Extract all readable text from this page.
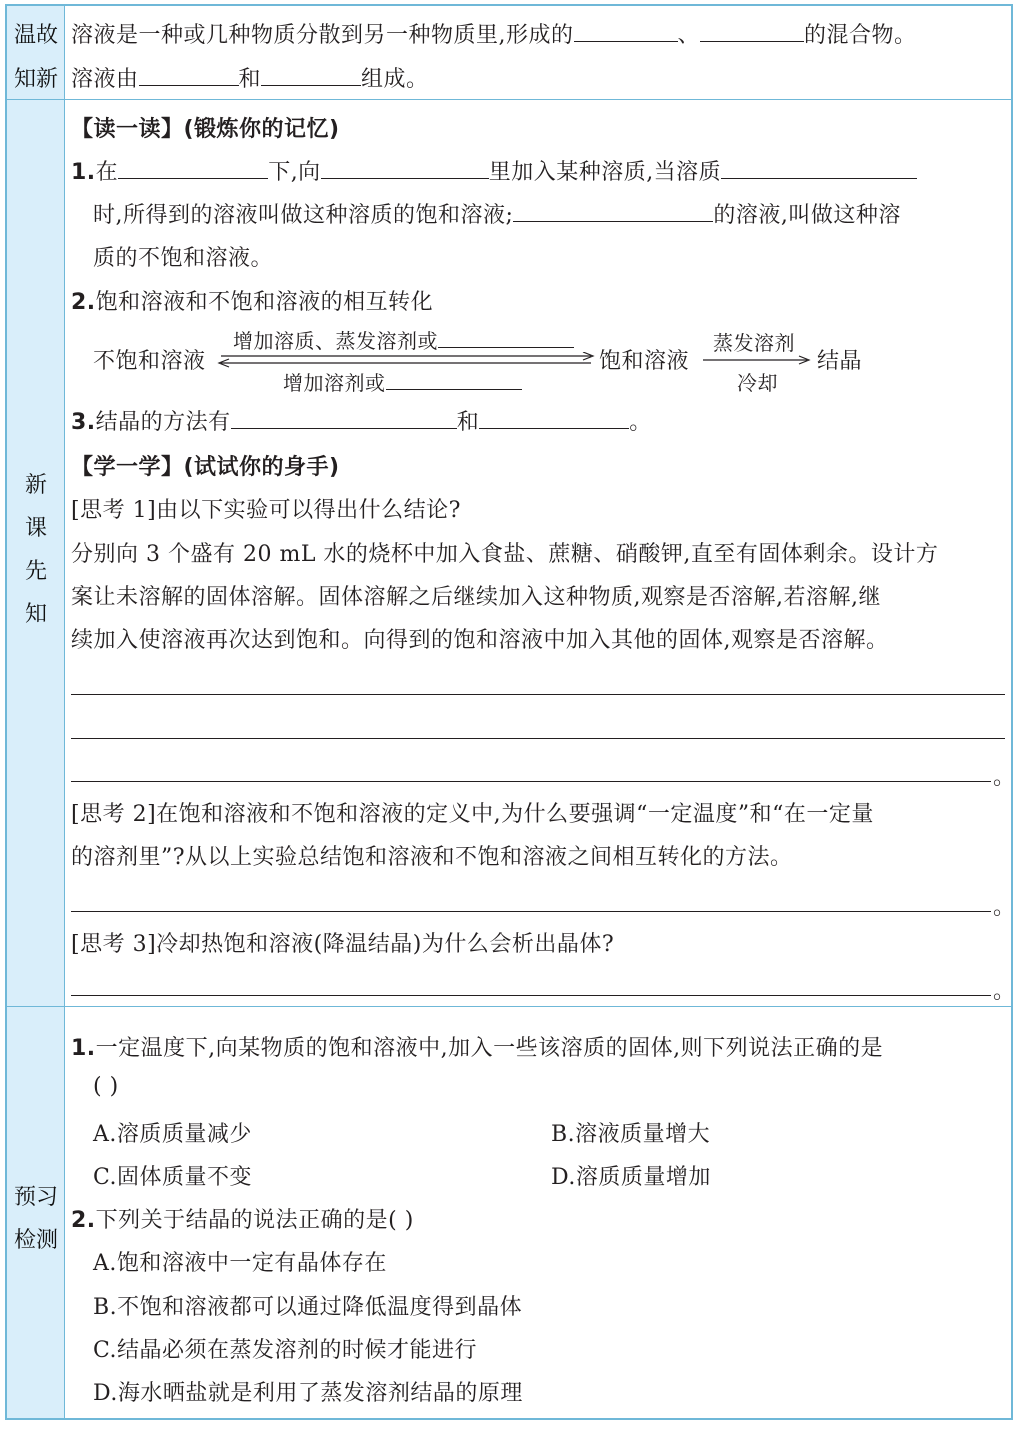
温故
知新
溶液是一种或几种物质分散到另一种物质里,形成的	、	的混合物。
溶液由	和	组成。
新
课
先
知
【读一读】(锻炼你的记忆)
1.在	下,向	里加入某种溶质,当溶质
时,所得到的溶液叫做这种溶质的饱和溶液;	的溶液,叫做这种溶
质的不饱和溶液。
2.饱和溶液和不饱和溶液的相互转化
不饱和溶液
增加溶质、蒸发溶剂或
增加溶剂或
饱和溶液
蒸发溶剂
冷却
结晶
3.结晶的方法有	和	。
【学一学】(试试你的身手)
[思考 1]由以下实验可以得出什么结论?
分别向 3 个盛有 20 mL 水的烧杯中加入食盐、蔗糖、硝酸钾,直至有固体剩余。设计方
案让未溶解的固体溶解。固体溶解之后继续加入这种物质,观察是否溶解,若溶解,继
续加入使溶液再次达到饱和。向得到的饱和溶液中加入其他的固体,观察是否溶解。
。
[思考 2]在饱和溶液和不饱和溶液的定义中,为什么要强调“一定温度”和“在一定量
的溶剂里”?从以上实验总结饱和溶液和不饱和溶液之间相互转化的方法。
。
[思考 3]冷却热饱和溶液(降温结晶)为什么会析出晶体?
。
预习
检测
1.一定温度下,向某物质的饱和溶液中,加入一些该溶质的固体,则下列说法正确的是
( )
A.溶质质量减少	B.溶液质量增大
C.固体质量不变	D.溶质质量增加
2.下列关于结晶的说法正确的是( )
A.饱和溶液中一定有晶体存在
B.不饱和溶液都可以通过降低温度得到晶体
C.结晶必须在蒸发溶剂的时候才能进行
D.海水晒盐就是利用了蒸发溶剂结晶的原理
